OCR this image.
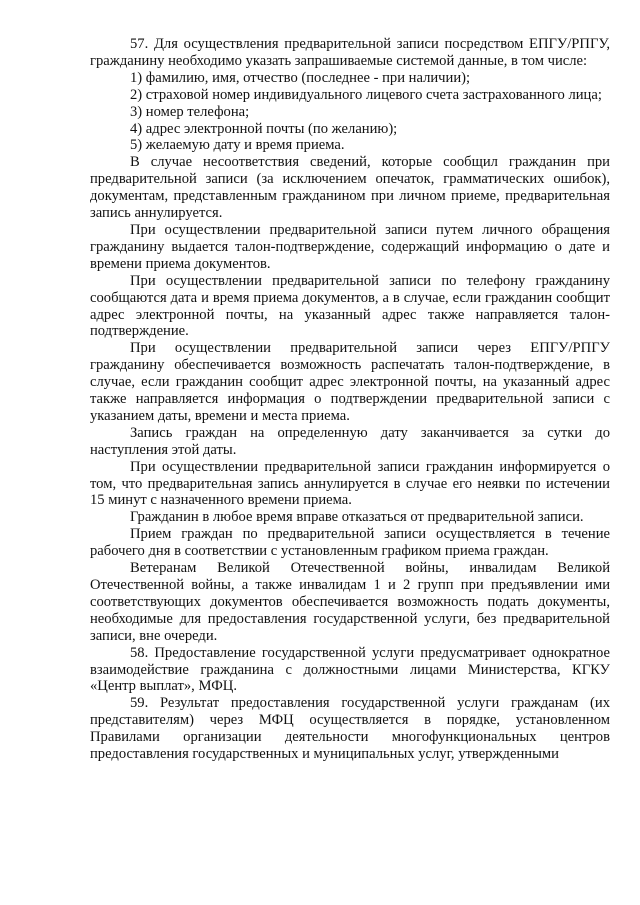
57. Для осуществления предварительной записи посредством ЕПГУ/РПГУ, гражданину необходимо указать запрашиваемые системой данные, в том числе:

1) фамилию, имя, отчество (последнее - при наличии);

2) страховой номер индивидуального лицевого счета застрахованного лица;

3) номер телефона;

4) адрес электронной почты (по желанию);

5) желаемую дату и время приема.

В случае несоответствия сведений, которые сообщил гражданин при предварительной записи (за исключением опечаток, грамматических ошибок), документам, представленным гражданином при личном приеме, предварительная запись аннулируется.

При осуществлении предварительной записи путем личного обращения гражданину выдается талон-подтверждение, содержащий информацию о дате и времени приема документов.

При осуществлении предварительной записи по телефону гражданину сообщаются дата и время приема документов, а в случае, если гражданин сообщит адрес электронной почты, на указанный адрес также направляется талон-подтверждение.

При осуществлении предварительной записи через ЕПГУ/РПГУ гражданину обеспечивается возможность распечатать талон-подтверждение, в случае, если гражданин сообщит адрес электронной почты, на указанный адрес также направляется информация о подтверждении предварительной записи с указанием даты, времени и места приема.

Запись граждан на определенную дату заканчивается за сутки до наступления этой даты.

При осуществлении предварительной записи гражданин информируется о том, что предварительная запись аннулируется в случае его неявки по истечении 15 минут с назначенного времени приема.

Гражданин в любое время вправе отказаться от предварительной записи.

Прием граждан по предварительной записи осуществляется в течение рабочего дня в соответствии с установленным графиком приема граждан.

Ветеранам Великой Отечественной войны, инвалидам Великой Отечественной войны, а также инвалидам 1 и 2 групп при предъявлении ими соответствующих документов обеспечивается возможность подать документы, необходимые для предоставления государственной услуги, без предварительной записи, вне очереди.

58. Предоставление государственной услуги предусматривает однократное взаимодействие гражданина с должностными лицами Министерства, КГКУ «Центр выплат», МФЦ.

59. Результат предоставления государственной услуги гражданам (их представителям) через МФЦ осуществляется в порядке, установленном Правилами организации деятельности многофункциональных центров предоставления государственных и муниципальных услуг, утвержденными
